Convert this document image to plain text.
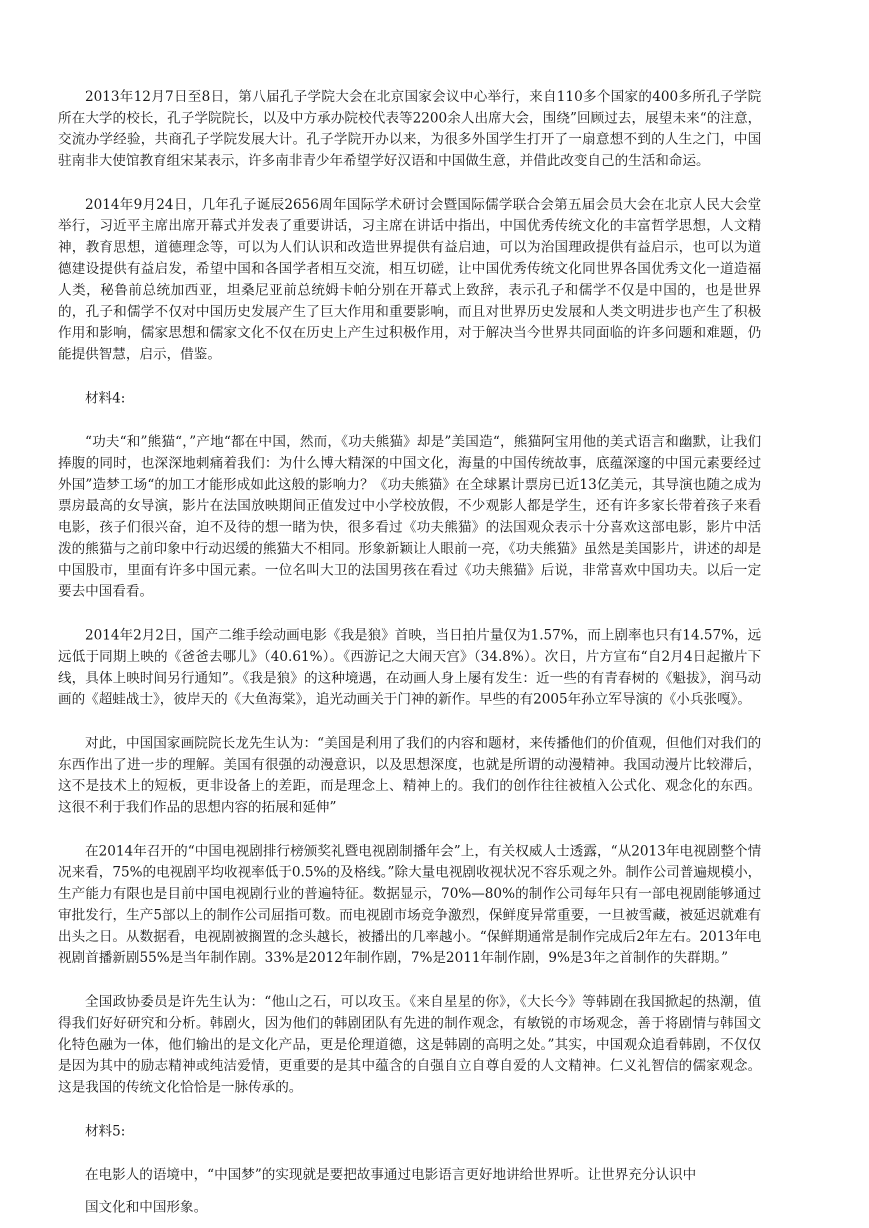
2013年12月7日至8日，第八届孔子学院大会在北京国家会议中心举行，来自110多个国家的400多所孔子学院所在大学的校长，孔子学院院长，以及中方承办院校代表等2200余人出席大会，围绕”回顾过去，展望未来“的注意，交流办学经验，共商孔子学院发展大计。孔子学院开办以来，为很多外国学生打开了一扇意想不到的人生之门，中国驻南非大使馆教育组宋某表示，许多南非青少年希望学好汉语和中国做生意，并借此改变自己的生活和命运。

2014年9月24日，几年孔子诞辰2656周年国际学术研讨会暨国际儒学联合会第五届会员大会在北京人民大会堂举行，习近平主席出席开幕式并发表了重要讲话，习主席在讲话中指出，中国优秀传统文化的丰富哲学思想，人文精神，教育思想，道德理念等，可以为人们认识和改造世界提供有益启迪，可以为治国理政提供有益启示，也可以为道德建设提供有益启发，希望中国和各国学者相互交流，相互切磋，让中国优秀传统文化同世界各国优秀文化一道造福人类，秘鲁前总统加西亚，坦桑尼亚前总统姆卡帕分别在开幕式上致辞，表示孔子和儒学不仅是中国的，也是世界的，孔子和儒学不仅对中国历史发展产生了巨大作用和重要影响，而且对世界历史发展和人类文明进步也产生了积极作用和影响，儒家思想和儒家文化不仅在历史上产生过积极作用，对于解决当今世界共同面临的许多问题和难题，仍能提供智慧，启示，借鉴。

材料4:

“功夫“和”熊猫“，”产地“都在中国，然而，《功夫熊猫》却是”美国造“，熊猫阿宝用他的美式语言和幽默，让我们捧腹的同时，也深深地刺痛着我们：为什么博大精深的中国文化，海量的中国传统故事，底蕴深邃的中国元素要经过外国”造梦工场“的加工才能形成如此这般的影响力？《功夫熊猫》在全球累计票房已近13亿美元，其导演也随之成为票房最高的女导演，影片在法国放映期间正值发过中小学校放假，不少观影人都是学生，还有许多家长带着孩子来看电影，孩子们很兴奋，迫不及待的想一睹为快，很多看过《功夫熊猫》的法国观众表示十分喜欢这部电影，影片中活泼的熊猫与之前印象中行动迟缓的熊猫大不相同。形象新颖让人眼前一亮，《功夫熊猫》虽然是美国影片，讲述的却是中国股市，里面有许多中国元素。一位名叫大卫的法国男孩在看过《功夫熊猫》后说，非常喜欢中国功夫。以后一定要去中国看看。

2014年2月2日，国产二维手绘动画电影《我是狼》首映，当日拍片量仅为1.57%，而上剧率也只有14.57%，远远低于同期上映的《爸爸去哪儿》（40.61%）。《西游记之大闹天宫》（34.8%）。次日，片方宣布“自2月4日起撤片下线，具体上映时间另行通知”。《我是狼》的这种境遇，在动画人身上屡有发生：近一些的有青春树的《魁拔》，润马动画的《超蛙战士》，彼岸天的《大鱼海棠》，追光动画关于门神的新作。早些的有2005年孙立军导演的《小兵张嘎》。

对此，中国国家画院院长龙先生认为：“美国是利用了我们的内容和题材，来传播他们的价值观，但他们对我们的东西作出了进一步的理解。美国有很强的动漫意识，以及思想深度，也就是所谓的动漫精神。我国动漫片比较滞后，这不是技术上的短板，更非设备上的差距，而是理念上、精神上的。我们的创作往往被植入公式化、观念化的东西。这很不利于我们作品的思想内容的拓展和延伸”

在2014年召开的“中国电视剧排行榜颁奖礼暨电视剧制播年会”上，有关权威人士透露，“从2013年电视剧整个情况来看，75%的电视剧平均收视率低于0.5%的及格线。”除大量电视剧收视状况不容乐观之外。制作公司普遍规模小，生产能力有限也是目前中国电视剧行业的普遍特征。数据显示，70%—80%的制作公司每年只有一部电视剧能够通过审批发行，生产5部以上的制作公司屈指可数。而电视剧市场竞争激烈，保鲜度异常重要，一旦被雪藏，被延迟就难有出头之日。从数据看，电视剧被搁置的念头越长，被播出的几率越小。“保鲜期通常是制作完成后2年左右。2013年电视剧首播新剧55%是当年制作剧。33%是2012年制作剧，7%是2011年制作剧，9%是3年之首制作的失群期。”

全国政协委员是许先生认为：“他山之石，可以攻玉。《来自星星的你》，《大长今》等韩剧在我国掀起的热潮，值得我们好好研究和分析。韩剧火，因为他们的韩剧团队有先进的制作观念，有敏锐的市场观念，善于将剧情与韩国文化特色融为一体，他们输出的是文化产品，更是伦理道德，这是韩剧的高明之处。”其实，中国观众追看韩剧，不仅仅是因为其中的励志精神或纯洁爱情，更重要的是其中蕴含的自强自立自尊自爱的人文精神。仁义礼智信的儒家观念。这是我国的传统文化恰恰是一脉传承的。

材料5:

在电影人的语境中，“中国梦”的实现就是要把故事通过电影语言更好地讲给世界听。让世界充分认识中

国文化和中国形象。
